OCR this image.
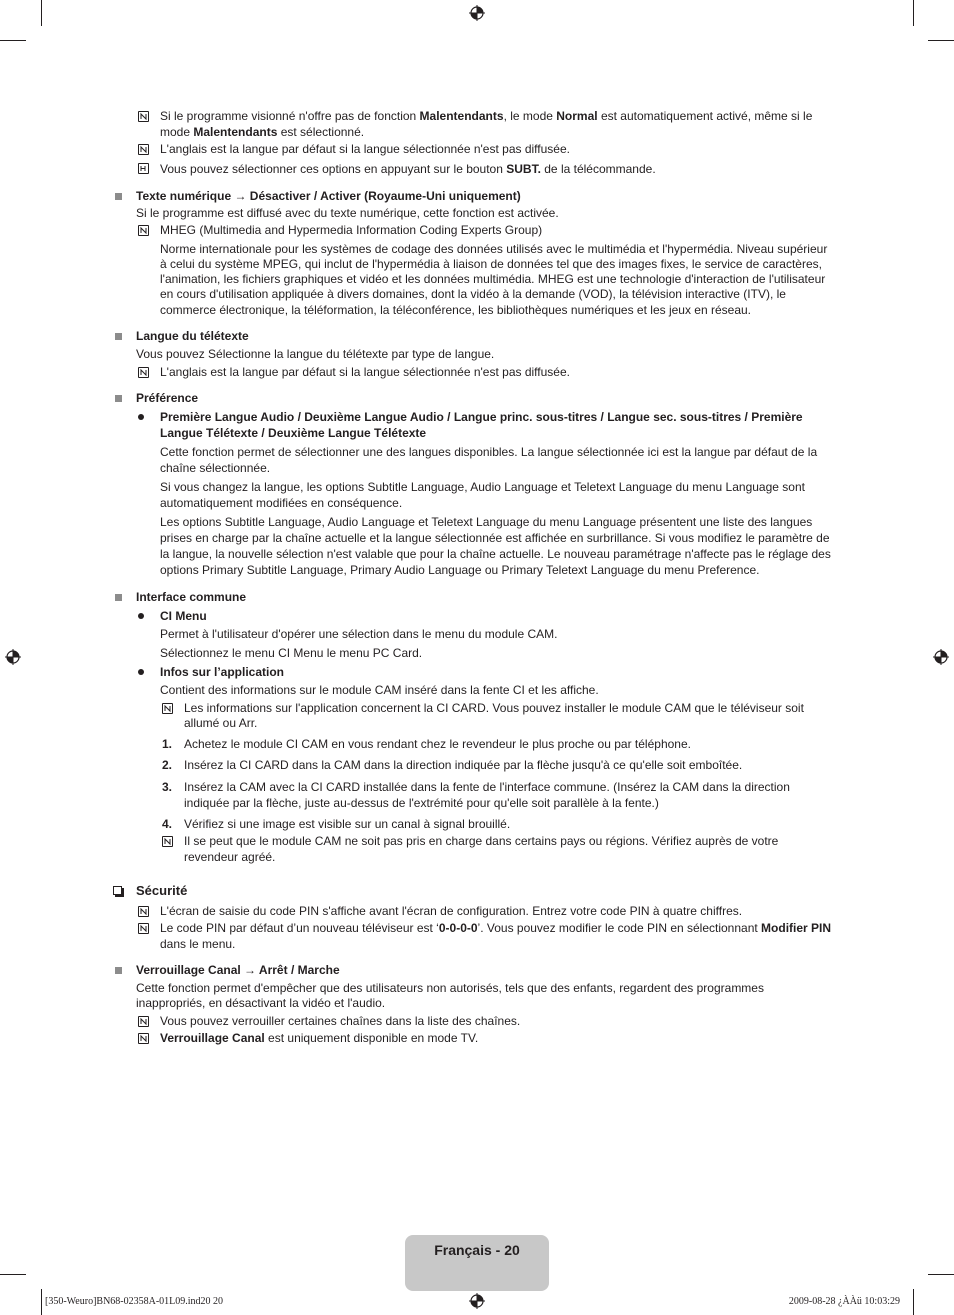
Si le programme visionné n'offre pas de fonction Malentendants, le mode Normal est automatiquement activé, même si le
mode Malentendants est sélectionné.
L'anglais est la langue par défaut si la langue sélectionnée n'est pas diffusée.
Vous pouvez sélectionner ces options en appuyant sur le bouton SUBT. de la télécommande.
Texte numérique → Désactiver / Activer (Royaume-Uni uniquement)
Si le programme est diffusé avec du texte numérique, cette fonction est activée.
MHEG (Multimedia and Hypermedia Information Coding Experts Group)
Norme internationale pour les systèmes de codage des données utilisés avec le multimédia et l'hypermédia. Niveau supérieur
à celui du système MPEG, qui inclut de l'hypermédia à liaison de données tel que des images fixes, le service de caractères,
l'animation, les fichiers graphiques et vidéo et les données multimédia. MHEG est une technologie d'interaction de l'utilisateur
en cours d'utilisation appliquée à divers domaines, dont la vidéo à la demande (VOD), la télévision interactive (ITV), le
commerce électronique, la téléformation, la téléconférence, les bibliothèques numériques et les jeux en réseau.
Langue du télétexte
Vous pouvez Sélectionne la langue du télétexte par type de langue.
L'anglais est la langue par défaut si la langue sélectionnée n'est pas diffusée.
Préférence
Première Langue Audio / Deuxième Langue Audio / Langue princ. sous-titres / Langue sec. sous-titres / Première
Langue Télétexte / Deuxième Langue Télétexte
Cette fonction permet de sélectionner une des langues disponibles. La langue sélectionnée ici est la langue par défaut de la
chaîne sélectionnée.
Si vous changez la langue, les options Subtitle Language, Audio Language et Teletext Language du menu Language sont
automatiquement modifiées en conséquence.
Les options Subtitle Language, Audio Language et Teletext Language du menu Language présentent une liste des langues
prises en charge par la chaîne actuelle et la langue sélectionnée est affichée en surbrillance. Si vous modifiez le paramètre de
la langue, la nouvelle sélection n'est valable que pour la chaîne actuelle. Le nouveau paramétrage n'affecte pas le réglage des
options Primary Subtitle Language, Primary Audio Language ou Primary Teletext Language du menu Preference.
Interface commune
CI Menu
Permet à l'utilisateur d'opérer une sélection dans le menu du module CAM.
Sélectionnez le menu CI Menu le menu PC Card.
Infos sur l’application
Contient des informations sur le module CAM inséré dans la fente CI et les affiche.
Les informations sur l'application concernent la CI CARD. Vous pouvez installer le module CAM que le téléviseur soit
allumé ou Arr.
1. Achetez le module CI CAM en vous rendant chez le revendeur le plus proche ou par téléphone.
2. Insérez la CI CARD dans la CAM dans la direction indiquée par la flèche jusqu'à ce qu'elle soit emboîtée.
3. Insérez la CAM avec la CI CARD installée dans la fente de l'interface commune. (Insérez la CAM dans la direction
indiquée par la flèche, juste au-dessus de l'extrémité pour qu'elle soit parallèle à la fente.)
4. Vérifiez si une image est visible sur un canal à signal brouillé.
Il se peut que le module CAM ne soit pas pris en charge dans certains pays ou régions. Vérifiez auprès de votre
revendeur agréé.
Sécurité
L'écran de saisie du code PIN s'affiche avant l'écran de configuration. Entrez votre code PIN à quatre chiffres.
Le code PIN par défaut d’un nouveau téléviseur est ‘0-0-0-0’. Vous pouvez modifier le code PIN en sélectionnant Modifier PIN
dans le menu.
Verrouillage Canal → Arrêt / Marche
Cette fonction permet d'empêcher que des utilisateurs non autorisés, tels que des enfants, regardent des programmes
inappropriés, en désactivant la vidéo et l'audio.
Vous pouvez verrouiller certaines chaînes dans la liste des chaînes.
Verrouillage Canal est uniquement disponible en mode TV.
Français - 20
[350-Weuro]BN68-02358A-01L09.ind20 20	2009-08-28 ¿ÀÀü 10:03:29
